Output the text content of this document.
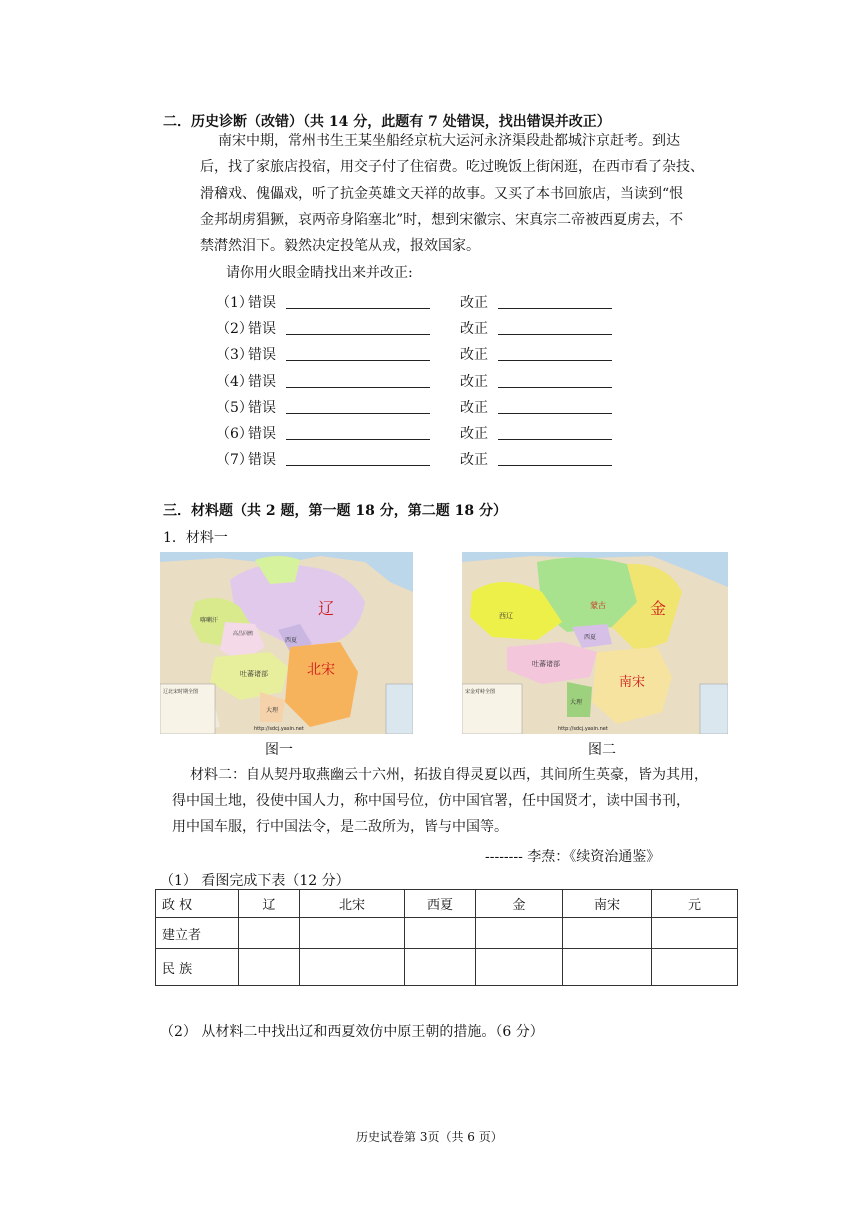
二．历史诊断（改错）（共 14 分，此题有 7 处错误，找出错误并改正）
南宋中期，常州书生王某坐船经京杭大运河永济渠段赴都城汴京赶考。到达
后，找了家旅店投宿，用交子付了住宿费。吃过晚饭上街闲逛，在西市看了杂技、
滑稽戏、傀儡戏，听了抗金英雄文天祥的故事。又买了本书回旅店，当读到“恨
金邦胡虏猖獗，哀两帝身陷塞北”时，想到宋徽宗、宋真宗二帝被西夏虏去，不
禁潸然泪下。毅然决定投笔从戎，报效国家。
请你用火眼金睛找出来并改正:
（1）
错误	改正
（2）
错误	改正
（3）
错误	改正
（4）
错误	改正
（5）
错误	改正
（6）
错误	改正
（7）
错误	改正
三．材料题（共 2 题，第一题 18 分，第二题 18 分）
1．材料一
辽
北宋
西夏
吐蕃诸部
大理
喀喇汗
高昌回鹘
辽北宋时期全图
http://sdcj.yasin.net
图一
金
蒙古
南宋
西辽
西夏
吐蕃诸部
大理
宋金对峙全图
http://sdcj.yasin.net
图二
材料二：自从契丹取燕幽云十六州，拓拔自得灵夏以西，其间所生英豪，皆为其用，
得中国土地，役使中国人力，称中国号位，仿中国官署，任中国贤才，读中国书刊，
用中国车服，行中国法令，是二敌所为，皆与中国等。
-------- 李焘：《续资治通鉴》
（1） 看图完成下表（12 分）
政 权	辽	北宋	西夏	金	南宋	元
建立者						
民 族						
（2） 从材料二中找出辽和西夏效仿中原王朝的措施。（6 分）
历史试卷第 3页（共 6 页）
